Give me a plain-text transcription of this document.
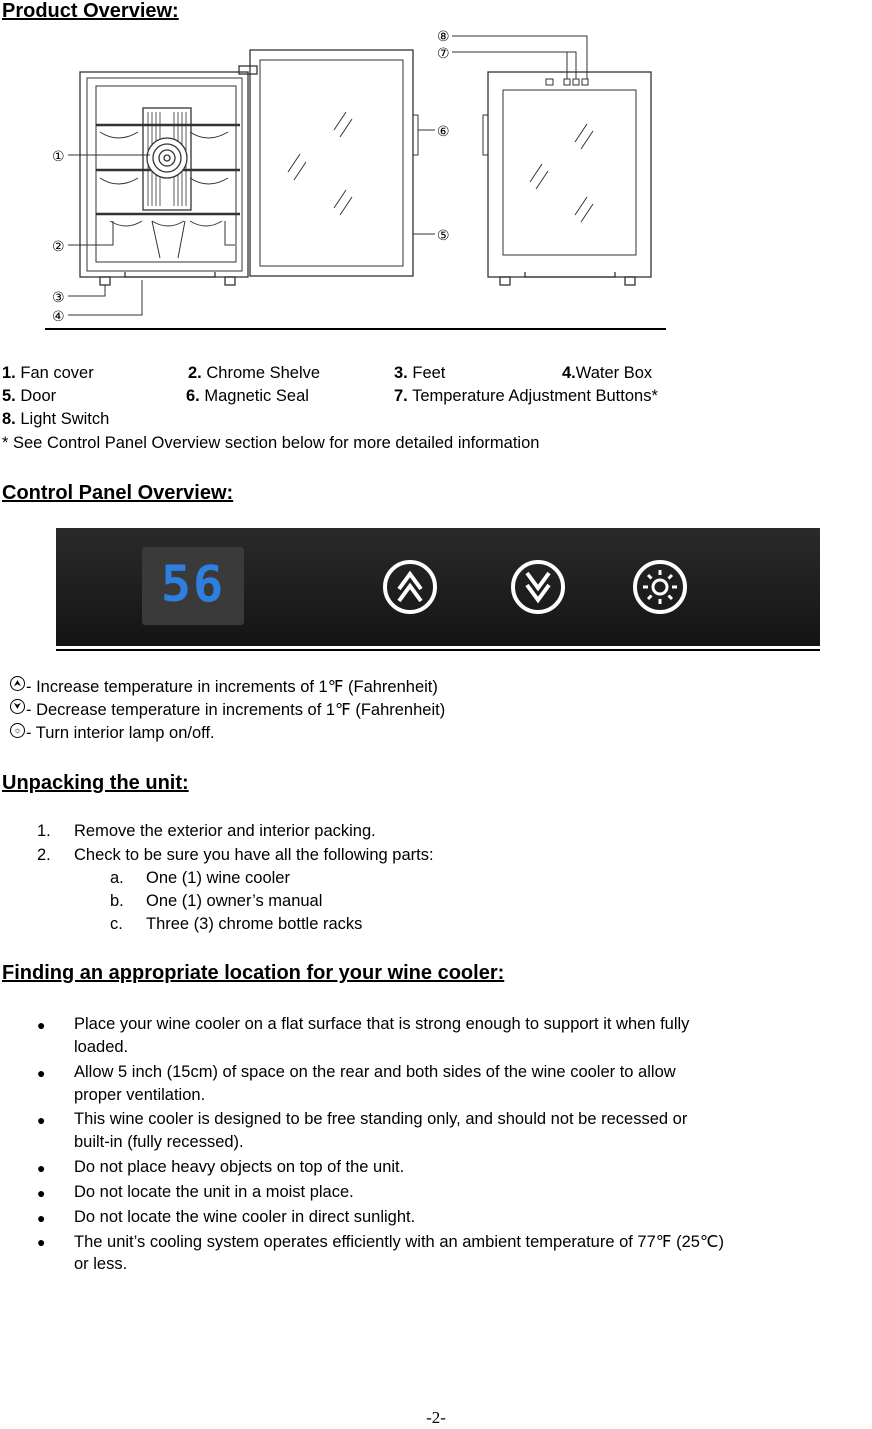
Product Overview:
①
②
③
④
⑤
⑥
⑦
⑧
1. Fan cover	2. Chrome Shelve	3. Feet	4.Water Box
5. Door	6. Magnetic Seal	7. Temperature Adjustment Buttons*
8. Light Switch
* See Control Panel Overview section below for more detailed information
Control Panel Overview:
56
⮝ - Increase temperature in increments of 1℉ (Fahrenheit)
⮟ - Decrease temperature in increments of 1℉ (Fahrenheit)
☼ - Turn interior lamp on/off.
Unpacking the unit:
1. Remove the exterior and interior packing.
2. Check to be sure you have all the following parts:
a. One (1) wine cooler
b. One (1) owner’s manual
c. Three (3) chrome bottle racks
Finding an appropriate location for your wine cooler:
● Place your wine cooler on a flat surface that is strong enough to support it when fully
loaded.
● Allow 5 inch (15cm) of space on the rear and both sides of the wine cooler to allow
proper ventilation.
● This wine cooler is designed to be free standing only, and should not be recessed or
built-in (fully recessed).
● Do not place heavy objects on top of the unit.
● Do not locate the unit in a moist place.
● Do not locate the wine cooler in direct sunlight.
● The unit’s cooling system operates efficiently with an ambient temperature of 77℉ (25℃)
or less.
-2-
